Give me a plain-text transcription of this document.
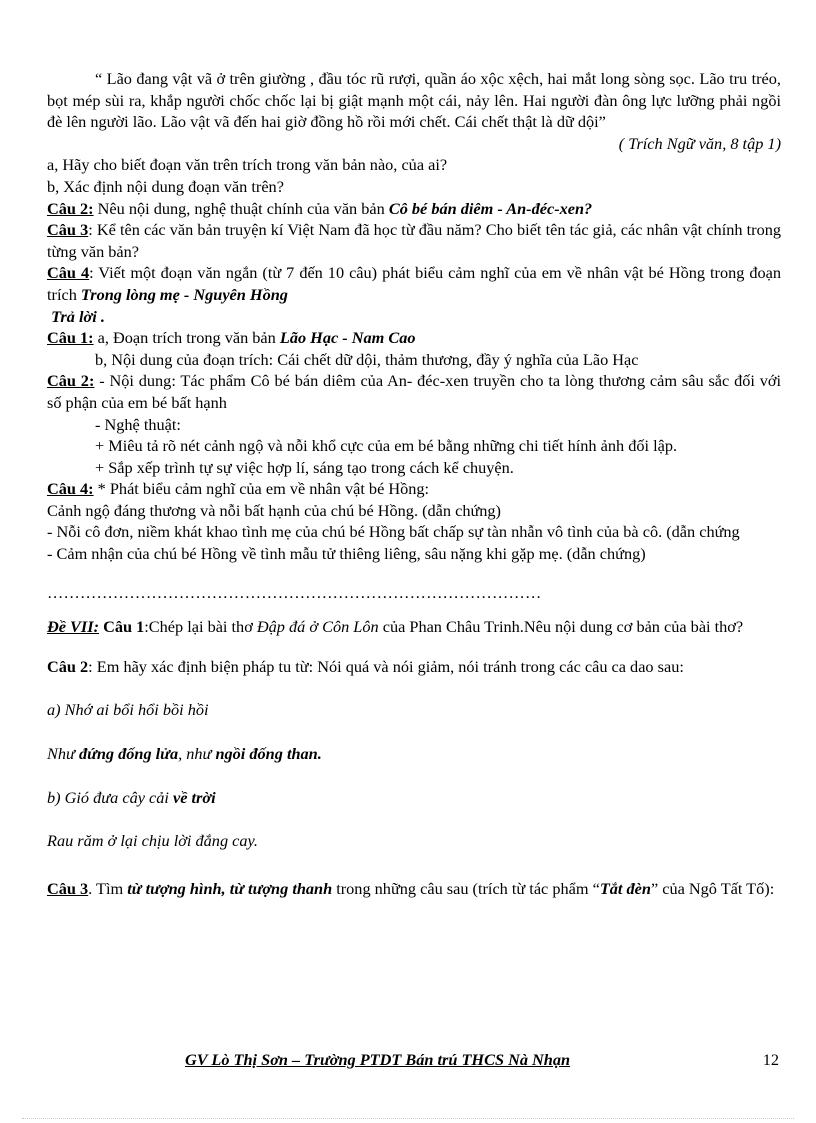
“ Lão đang vật vã ở trên giường , đầu tóc rũ rượi, quần áo xộc xệch, hai mắt long sòng sọc. Lão tru tréo, bọt mép sùi ra, khắp người chốc chốc lại bị giật mạnh một cái, nảy lên. Hai người đàn ông lực lưỡng phải ngồi đè lên người lão. Lão vật vã đến hai giờ đồng hồ rồi mới chết. Cái chết thật là dữ dội”

( Trích Ngữ văn, 8 tập 1)

a, Hãy cho biết đoạn văn trên trích trong văn bản nào, của ai?

b, Xác định nội dung đoạn văn trên?

Câu 2: Nêu nội dung, nghệ thuật chính của văn bản Cô bé bán diêm - An-đéc-xen?

Câu 3: Kể tên các văn bản truyện kí Việt Nam đã học từ đầu năm? Cho biết tên tác giả, các nhân vật chính trong từng văn bản?

Câu 4: Viết một đoạn văn ngắn (từ 7 đến 10 câu) phát biểu cảm nghĩ của em về nhân vật bé Hồng trong đoạn trích Trong lòng mẹ - Nguyên Hồng

Trả lời .

Câu 1: a, Đoạn trích trong văn bản Lão Hạc - Nam Cao

b, Nội dung của đoạn trích: Cái chết dữ dội, thảm thương, đầy ý nghĩa của Lão Hạc

Câu 2: - Nội dung: Tác phẩm Cô bé bán diêm của An- đéc-xen truyền cho ta lòng thương cảm sâu sắc đối với số phận của em bé bất hạnh

- Nghệ thuật:

+ Miêu tả rõ nét cảnh ngộ và nỗi khổ cực của em bé bằng những chi tiết hính ảnh đối lập.

+ Sắp xếp trình tự sự việc hợp lí, sáng tạo trong cách kể chuyện.

Câu 4: * Phát biểu cảm nghĩ của em về nhân vật bé Hồng:

Cảnh ngộ đáng thương và nỗi bất hạnh của chú bé Hồng. (dẫn chứng)

- Nỗi cô đơn, niềm khát khao tình mẹ của chú bé Hồng bất chấp sự tàn nhẫn vô tình của bà cô. (dẫn chứng

- Cảm nhận của chú bé Hồng về tình mẫu tử thiêng liêng, sâu nặng khi gặp mẹ. (dẫn chứng)

………………………………………………………………………………

Đề VII: Câu 1:Chép lại bài thơ Đập đá ở Côn Lôn của Phan Châu Trinh.Nêu nội dung cơ bản của bài thơ?

Câu 2: Em hãy xác định biện pháp tu từ: Nói quá và nói giảm, nói tránh trong các câu ca dao sau:

a) Nhớ ai bổi hổi bồi hồi

Như đứng đống lửa, như ngồi đống than.

b) Gió đưa cây cải về trời

Rau răm ở lại chịu lời đắng cay.

Câu 3. Tìm từ tượng hình, từ tượng thanh trong những câu sau (trích từ tác phẩm “Tắt đèn” của Ngô Tất Tố):

GV Lò Thị Sơn – Trường PTDT Bán trú THCS Nà Nhạn	12
